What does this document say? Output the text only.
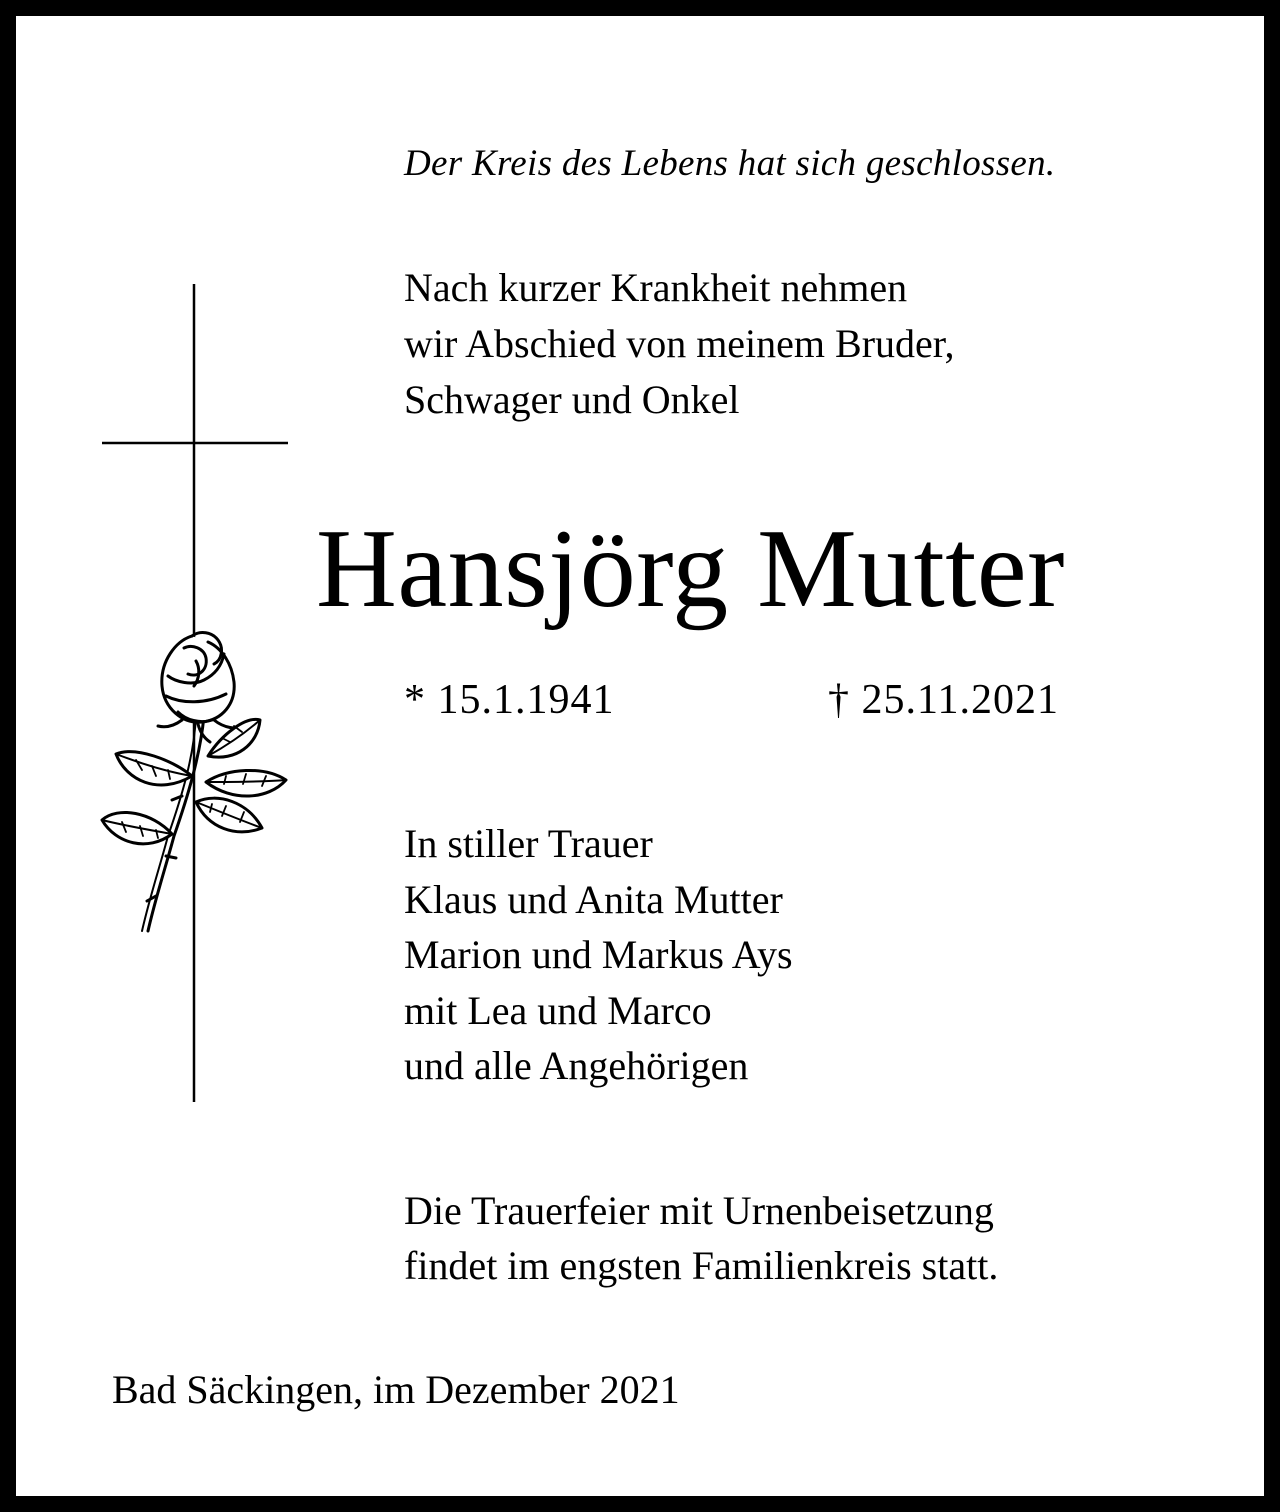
Der Kreis des Lebens hat sich geschlossen.
Nach kurzer Krankheit nehmen
wir Abschied von meinem Bruder,
Schwager und Onkel
Hansjörg Mutter
* 15.1.1941	† 25.11.2021
In stiller Trauer
Klaus und Anita Mutter
Marion und Markus Ays
mit Lea und Marco
und alle Angehörigen
Die Trauerfeier mit Urnenbeisetzung
findet im engsten Familienkreis statt.
Bad Säckingen, im Dezember 2021
